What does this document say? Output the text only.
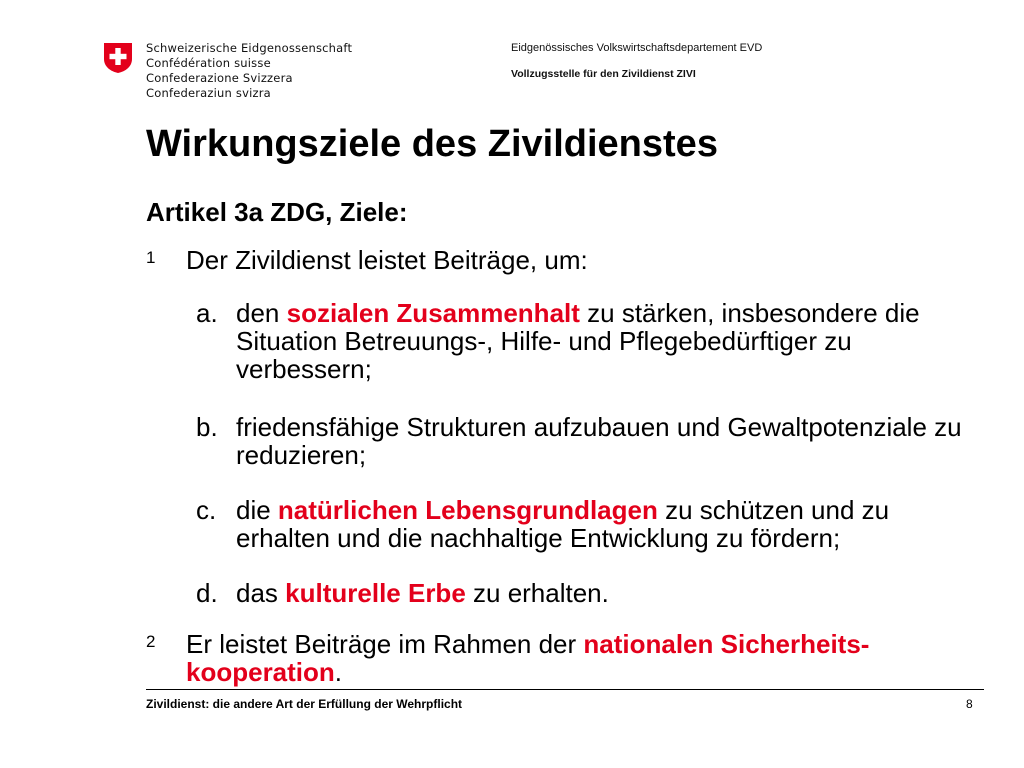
Schweizerische Eidgenossenschaft
Confédération suisse
Confederazione Svizzera
Confederaziun svizra
Eidgenössisches Volkswirtschaftsdepartement EVD
Vollzugsstelle für den Zivildienst ZIVI
Wirkungsziele des Zivildienstes
Artikel 3a ZDG, Ziele:
1 Der Zivildienst leistet Beiträge, um:
a. den sozialen Zusammenhalt zu stärken, insbesondere die Situation Betreuungs-, Hilfe- und Pflegebedürftiger zu verbessern;
b. friedensfähige Strukturen aufzubauen und Gewaltpotenziale zu reduzieren;
c. die natürlichen Lebensgrundlagen zu schützen und zu erhalten und die nachhaltige Entwicklung zu fördern;
d. das kulturelle Erbe zu erhalten.
2 Er leistet Beiträge im Rahmen der nationalen Sicherheits-
kooperation.
Zivildienst: die andere Art der Erfüllung der Wehrpflicht	8
